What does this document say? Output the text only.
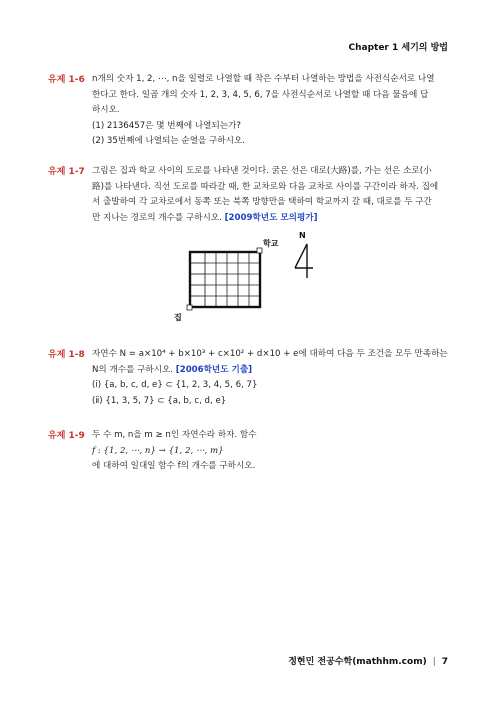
Chapter 1 세기의 방법
유제 1-6 n개의 숫자 1, 2, ⋯, n을 일렬로 나열할 때 작은 수부터 나열하는 방법을 사전식순서로 나열

한다고 한다. 일곱 개의 숫자 1, 2, 3, 4, 5, 6, 7을 사전식순서로 나열할 때 다음 물음에 답

하시오.

(1) 2136457은 몇 번째에 나열되는가?

(2) 35번째에 나열되는 순열을 구하시오.

유제 1-7 그림은 집과 학교 사이의 도로를 나타낸 것이다. 굵은 선은 대로(大路)를, 가는 선은 소로(小

路)를 나타낸다. 직선 도로를 따라갈 때, 한 교차로와 다음 교차로 사이를 구간이라 하자. 집에

서 출발하여 각 교차로에서 동쪽 또는 북쪽 방향만을 택하여 학교까지 갈 때, 대로를 두 구간

만 지나는 경로의 개수를 구하시오. [2009학년도 모의평가]

학교
집
N
유제 1-8 자연수 N = a×10⁴ + b×10³ + c×10² + d×10 + e에 대하여 다음 두 조건을 모두 만족하는

N의 개수를 구하시오. [2006학년도 기출]

(ⅰ) {a, b, c, d, e} ⊂ {1, 2, 3, 4, 5, 6, 7}

(ⅱ) {1, 3, 5, 7} ⊂ {a, b, c, d, e}

유제 1-9 두 수 m, n을 m ≥ n인 자연수라 하자. 함수

f : {1, 2, ⋯, n} → {1, 2, ⋯, m}

에 대하여 일대일 함수 f의 개수를 구하시오.

정현민 전공수학(mathhm.com) | 7
